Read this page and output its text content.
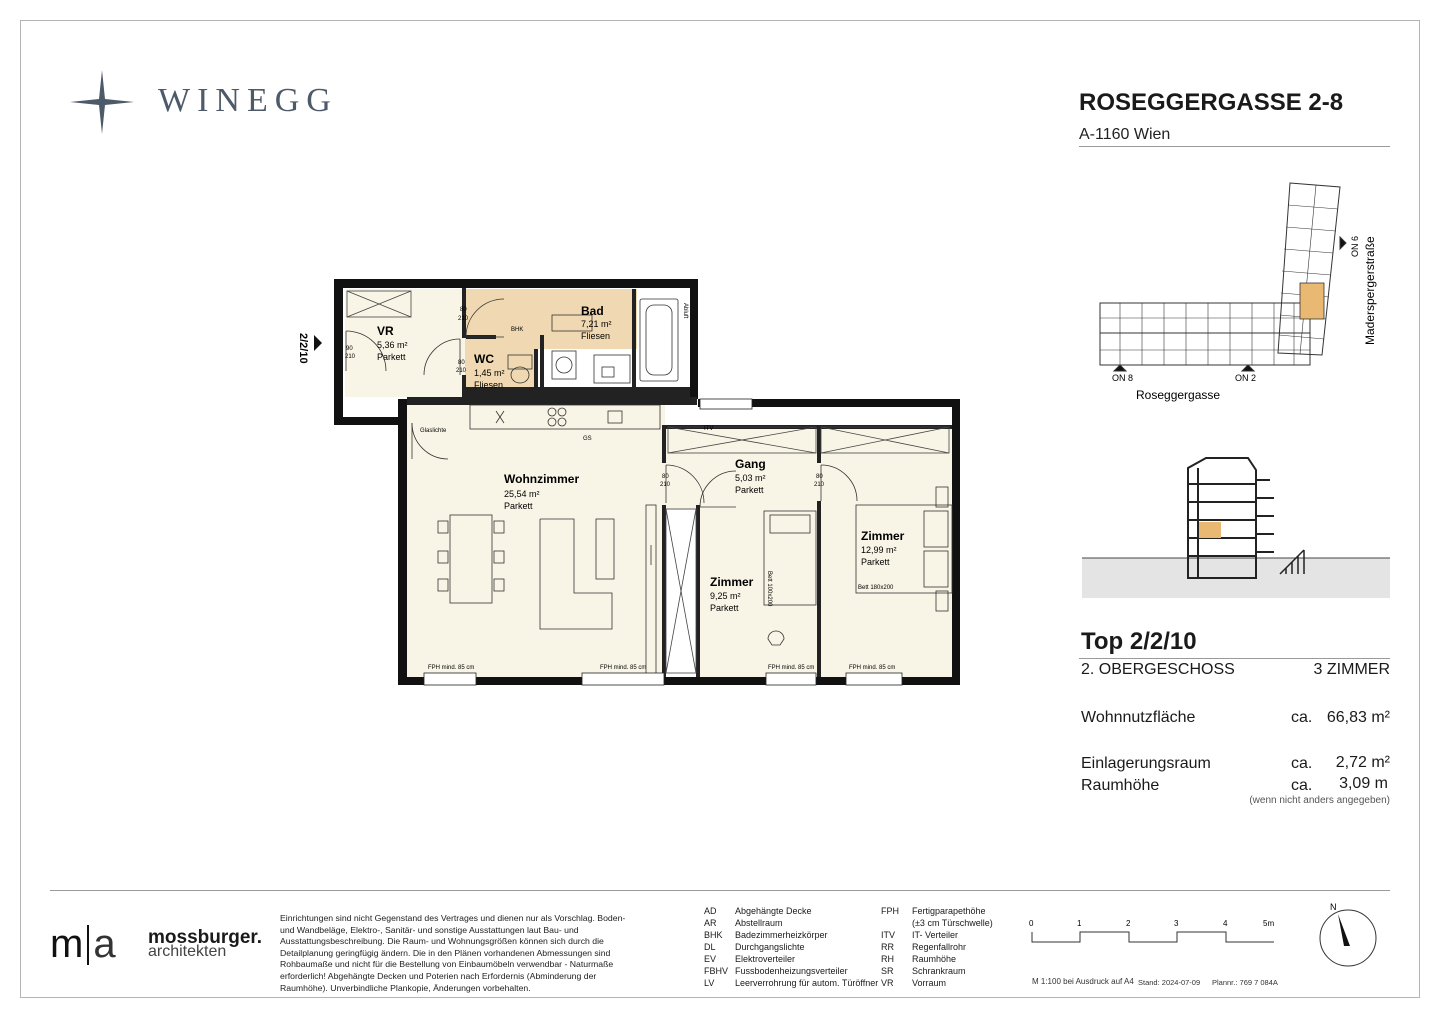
WINEGG	ROSEGGERGASSE 2-8
A-1160 Wien
ON 8	ON 2
ON 6
Roseggergasse
Maderspergerstraße
Top 2/2/10
2. OBERGESCHOSS	3 ZIMMER
Wohnnutzfläche	ca. 66,83 m²
Einlagerungsraum	ca.	2,72 m²
Raumhöhe	ca.	3,09 m
(wenn nicht anders angegeben)
VR
5,36 m²
Parkett
Bad
7,21 m²
Fliesen
WC
1,45 m²
Fliesen
Wohnzimmer
25,54 m²
Parkett
Gang
5,03 m²
Parkett
Zimmer
12,99 m²
Parkett
Zimmer
9,25 m²
Parkett
BHK
Abluft
Glaslichte
GS
ITV
Bett 180x200
Bett 100x200
80
210
80
210
90
210
80
210
80
210
FPH mind. 85 cm	FPH mind. 85 cm	FPH mind. 85 cm	FPH mind. 85 cm
2/2/10
m a mossburger.
architekten
Einrichtungen sind nicht Gegenstand des Vertrages und dienen nur als Vorschlag. Boden- und Wandbeläge, Elektro-, Sanitär- und sonstige Ausstattungen laut Bau- und Ausstattungsbeschreibung. Die Raum- und Wohnungsgrößen können sich durch die Detailplanung geringfügig ändern. Die in den Plänen vorhandenen Abmessungen sind Rohbaumaße und nicht für die Bestellung von Einbaumöbeln verwendbar - Naturmaße erforderlich! Abgehängte Decken und Poterien nach Erfordernis (Abminderung der Raumhöhe). Unverbindliche Plankopie, Änderungen vorbehalten.
AD Abgehängte Decke
AR Abstellraum
BHK Badezimmerheizkörper
DL Durchgangslichte
EV Elektroverteiler
FBHV Fussbodenheizungsverteiler
LV Leerverrohrung für autom. Türöffner
FPH Fertigparapethöhe
(±3 cm Türschwelle)
ITV IT- Verteiler
RR Regenfallrohr
RH Raumhöhe
SR Schrankraum
VR Vorraum
0	1	2	3	4	5m
M 1:100 bei Ausdruck auf A4 Stand: 2024-07-09 Plannr.: 769 7 084A
N
